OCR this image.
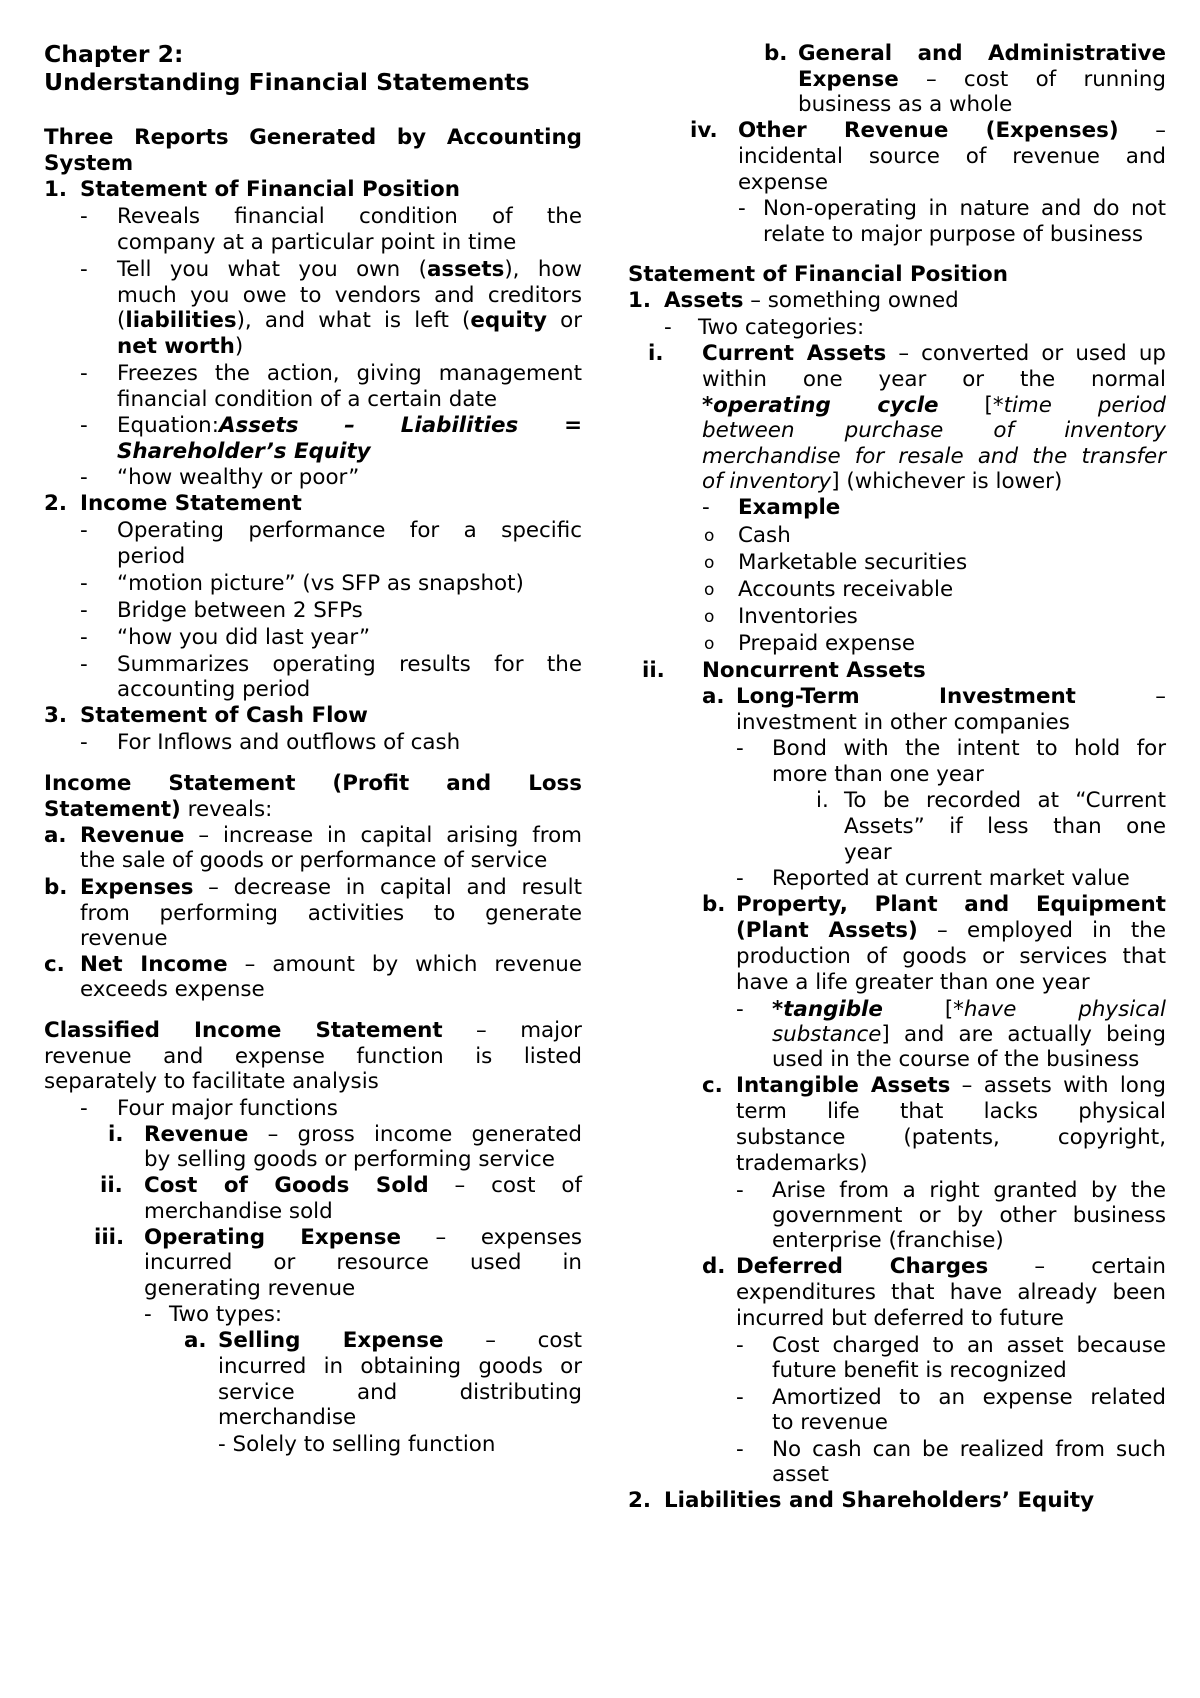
Chapter 2:
Understanding Financial Statements
Three Reports Generated by Accounting
System
1. Statement of Financial Position
- Reveals financial condition of the
company at a particular point in time
- Tell you what you own (assets), how
much you owe to vendors and creditors
(liabilities), and what is left (equity or
net worth)
- Freezes the action, giving management
financial condition of a certain date
- Equation:Assets – Liabilities =
Shareholder’s Equity
- “how wealthy or poor”
2. Income Statement
- Operating performance for a specific
period
- “motion picture” (vs SFP as snapshot)
- Bridge between 2 SFPs
- “how you did last year”
- Summarizes operating results for the
accounting period
3. Statement of Cash Flow
- For Inflows and outflows of cash
Income Statement (Profit and Loss
Statement) reveals:
a. Revenue – increase in capital arising from
the sale of goods or performance of service
b. Expenses – decrease in capital and result
from performing activities to generate
revenue
c. Net Income – amount by which revenue
exceeds expense
Classified Income Statement – major
revenue and expense function is listed
separately to facilitate analysis
- Four major functions
i. Revenue – gross income generated
by selling goods or performing service
ii. Cost of Goods Sold – cost of
merchandise sold
iii. Operating Expense – expenses
incurred or resource used in
generating revenue
- Two types:
a. Selling Expense – cost
incurred in obtaining goods or
service and distributing
merchandise
- Solely to selling function
b. General and Administrative
Expense – cost of running
business as a whole
iv. Other Revenue (Expenses) –
incidental source of revenue and
expense
- Non-operating in nature and do not
relate to major purpose of business
Statement of Financial Position
1. Assets – something owned
- Two categories:
i. Current Assets – converted or used up
within one year or the normal
*operating cycle [*time period
between purchase of inventory
merchandise for resale and the transfer
of inventory] (whichever is lower)
- Example
o Cash
o Marketable securities
o Accounts receivable
o Inventories
o Prepaid expense
ii. Noncurrent Assets
a. Long-Term Investment	–
investment in other companies
- Bond with the intent to hold for
more than one year
i. To be recorded at “Current
Assets” if less than one
year
- Reported at current market value
b. Property, Plant and Equipment
(Plant Assets) – employed in the
production of goods or services that
have a life greater than one year
- *tangible	[*have physical
substance] and are actually being
used in the course of the business
c. Intangible Assets – assets with long
term life that lacks physical
substance (patents, copyright,
trademarks)
- Arise from a right granted by the
government or by other business
enterprise (franchise)
d. Deferred Charges – certain
expenditures that have already been
incurred but deferred to future
- Cost charged to an asset because
future benefit is recognized
- Amortized to an expense related
to revenue
- No cash can be realized from such
asset
2. Liabilities and Shareholders’ Equity
